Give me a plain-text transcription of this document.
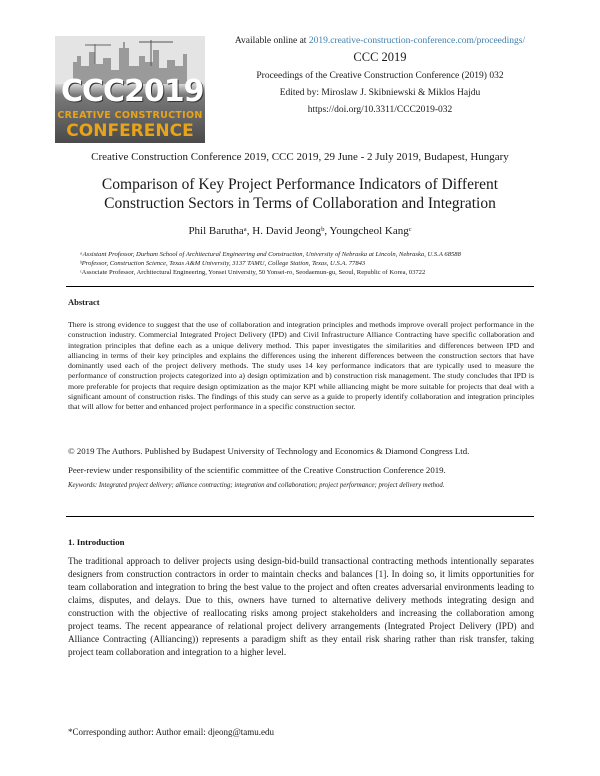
CCC2019
CREATIVE CONSTRUCTION
CONFERENCE
Available online at 2019.creative-construction-conference.com/proceedings/
CCC 2019
Proceedings of the Creative Construction Conference (2019) 032
Edited by: Miroslaw J. Skibniewski & Miklos Hajdu
https://doi.org/10.3311/CCC2019-032
Creative Construction Conference 2019, CCC 2019, 29 June - 2 July 2019, Budapest, Hungary
Comparison of Key Project Performance Indicators of Different
Construction Sectors in Terms of Collaboration and Integration
Phil Baruthaᵃ, H. David Jeongᵇ, Youngcheol Kangᶜ
ᵃAssistant Professor, Durham School of Architectural Engineering and Construction, University of Nebraska at Lincoln, Nebraska, U.S.A 68588
ᵇProfessor, Construction Science, Texas A&M University, 3137 TAMU, College Station, Texas, U.S.A. 77843
ᶜAssociate Professor, Architectural Engineering, Yonsei University, 50 Yonsei-ro, Seodaemun-gu, Seoul, Republic of Korea, 03722
Abstract
There is strong evidence to suggest that the use of collaboration and integration principles and methods improve overall project performance in the construction industry. Commercial Integrated Project Delivery (IPD) and Civil Infrastructure Alliance Contracting have specific collaboration and integration principles that define each as a unique delivery method. This paper investigates the similarities and differences between IPD and alliancing in terms of their key principles and explains the differences using the inherent differences between the construction sectors that have dominantly used each of the project delivery methods. The study uses 14 key performance indicators that are typically used to measure the performance of construction projects categorized into a) design optimization and b) construction risk management. The study concludes that IPD is more preferable for projects that require design optimization as the major KPI while alliancing might be more suitable for projects that deal with a significant amount of construction risks. The findings of this study can serve as a guide to properly identify collaboration and integration principles that will allow for better and enhanced project performance in a specific construction sector.
© 2019 The Authors. Published by Budapest University of Technology and Economics & Diamond Congress Ltd.
Peer-review under responsibility of the scientific committee of the Creative Construction Conference 2019.
Keywords: Integrated project delivery; alliance contracting; integration and collaboration; project performance; project delivery method.
1. Introduction
The traditional approach to deliver projects using design-bid-build transactional contracting methods intentionally separates designers from construction contractors in order to maintain checks and balances [1]. In doing so, it limits opportunities for team collaboration and integration to bring the best value to the project and often creates adversarial environments leading to claims, disputes, and delays. Due to this, owners have turned to alternative delivery methods integrating design and construction with the objective of reallocating risks among project stakeholders and increasing the collaboration among project teams. The recent appearance of relational project delivery arrangements (Integrated Project Delivery (IPD) and Alliance Contracting (Alliancing)) represents a paradigm shift as they entail risk sharing rather than risk transfer, taking project team collaboration and integration to a higher level.
*Corresponding author: Author email: djeong@tamu.edu
